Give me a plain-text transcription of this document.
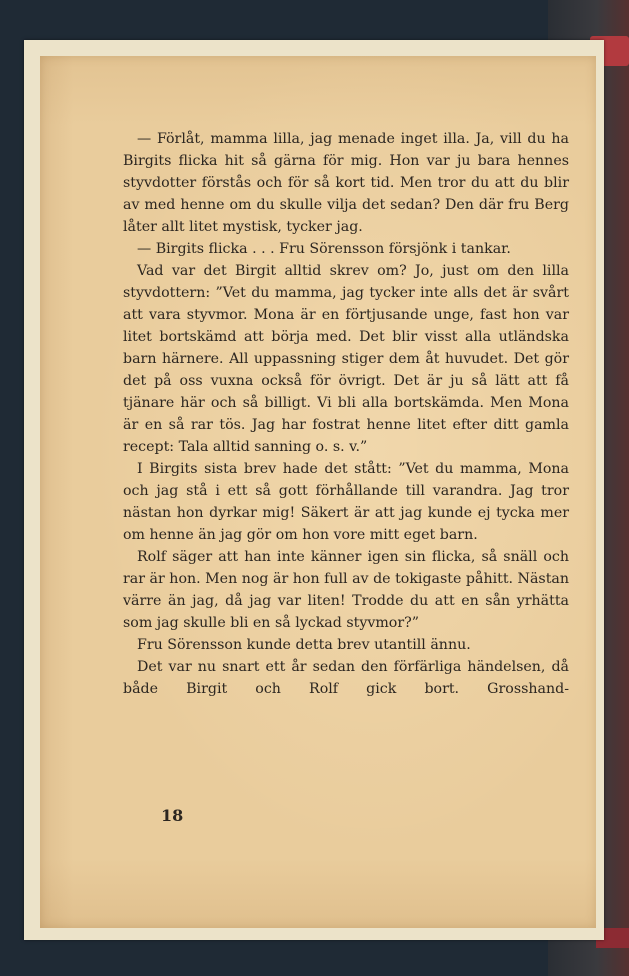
— Förlåt, mamma lilla, jag menade inget illa. Ja, vill du ha Birgits flicka hit så gärna för mig. Hon var ju bara hennes styvdotter förstås och för så kort tid. Men tror du att du blir av med henne om du skulle vilja det sedan? Den där fru Berg låter allt litet mystisk, tycker jag.

— Birgits flicka . . . Fru Sörensson försjönk i tankar.

Vad var det Birgit alltid skrev om? Jo, just om den lilla styvdottern: ”Vet du mamma, jag tycker inte alls det är svårt att vara styvmor. Mona är en förtjusande unge, fast hon var litet bortskämd att börja med. Det blir visst alla utländska barn härnere. All uppassning stiger dem åt huvudet. Det gör det på oss vuxna också för övrigt. Det är ju så lätt att få tjänare här och så billigt. Vi bli alla bortskämda. Men Mona är en så rar tös. Jag har fostrat henne litet efter ditt gamla recept: Tala alltid sanning o. s. v.”

I Birgits sista brev hade det stått: ”Vet du mamma, Mona och jag stå i ett så gott förhållande till varandra. Jag tror nästan hon dyrkar mig! Säkert är att jag kunde ej tycka mer om henne än jag gör om hon vore mitt eget barn.

Rolf säger att han inte känner igen sin flicka, så snäll och rar är hon. Men nog är hon full av de tokigaste påhitt. Nästan värre än jag, då jag var liten! Trodde du att en sån yrhätta som jag skulle bli en så lyckad styvmor?”

Fru Sörensson kunde detta brev utantill ännu.

Det var nu snart ett år sedan den förfärliga händelsen, då både Birgit och Rolf gick bort. Grosshand-

18
